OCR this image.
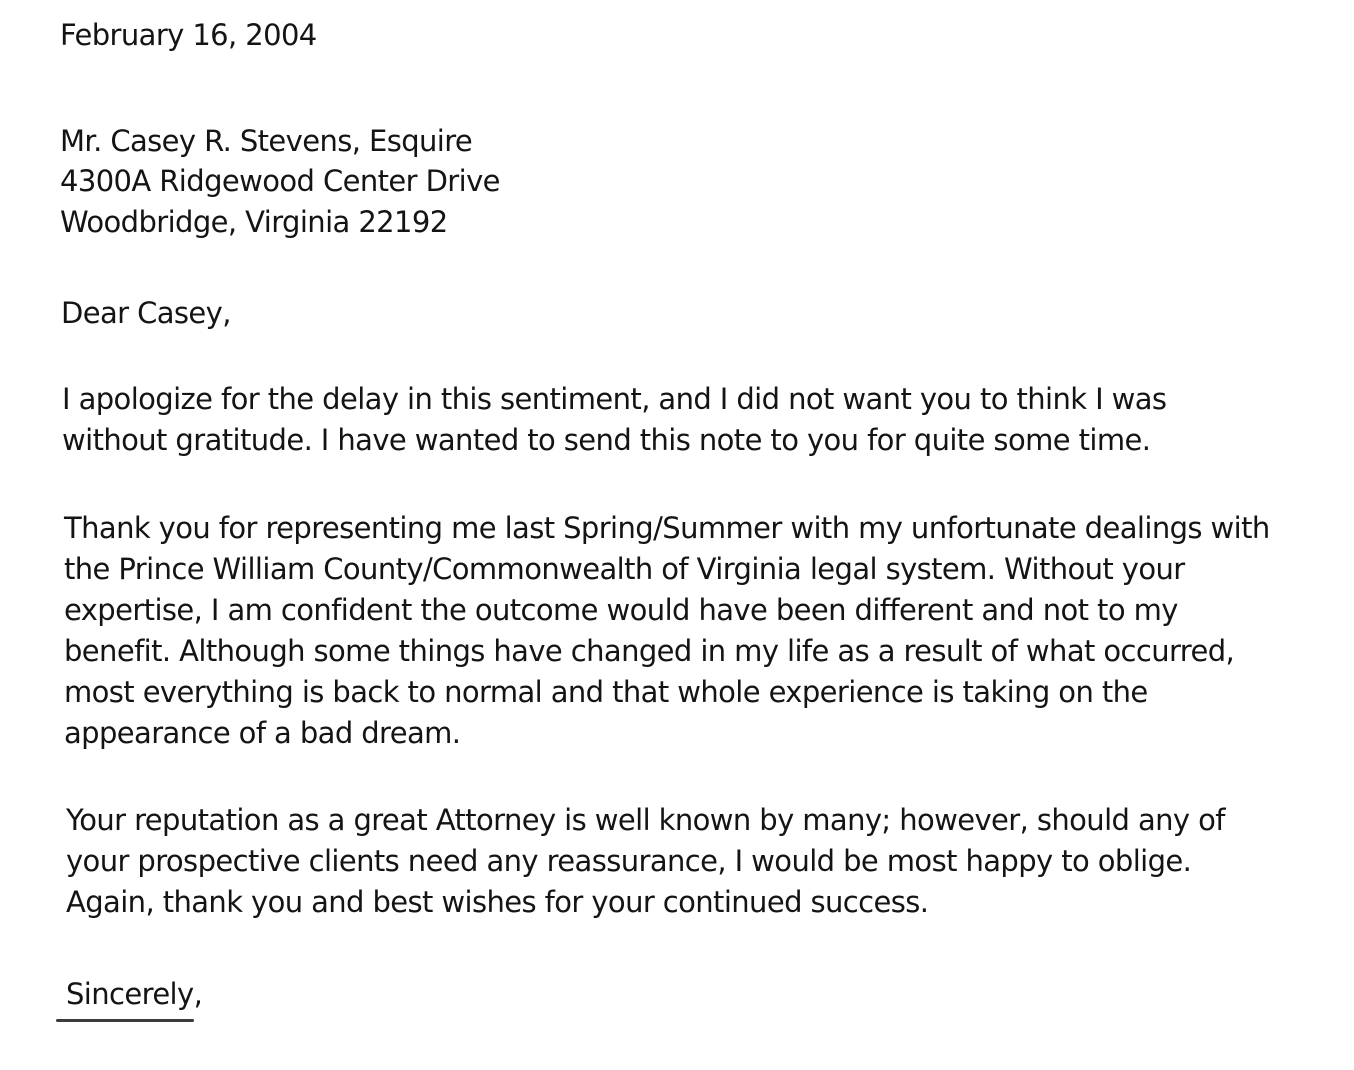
February 16, 2004
Mr. Casey R. Stevens, Esquire
4300A Ridgewood Center Drive
Woodbridge, Virginia 22192
Dear Casey,
I apologize for the delay in this sentiment, and I did not want you to think I was
without gratitude. I have wanted to send this note to you for quite some time.
Thank you for representing me last Spring/Summer with my unfortunate dealings with
the Prince William County/Commonwealth of Virginia legal system. Without your
expertise, I am confident the outcome would have been different and not to my
benefit. Although some things have changed in my life as a result of what occurred,
most everything is back to normal and that whole experience is taking on the
appearance of a bad dream.
Your reputation as a great Attorney is well known by many; however, should any of
your prospective clients need any reassurance, I would be most happy to oblige.
Again, thank you and best wishes for your continued success.
Sincerely,
